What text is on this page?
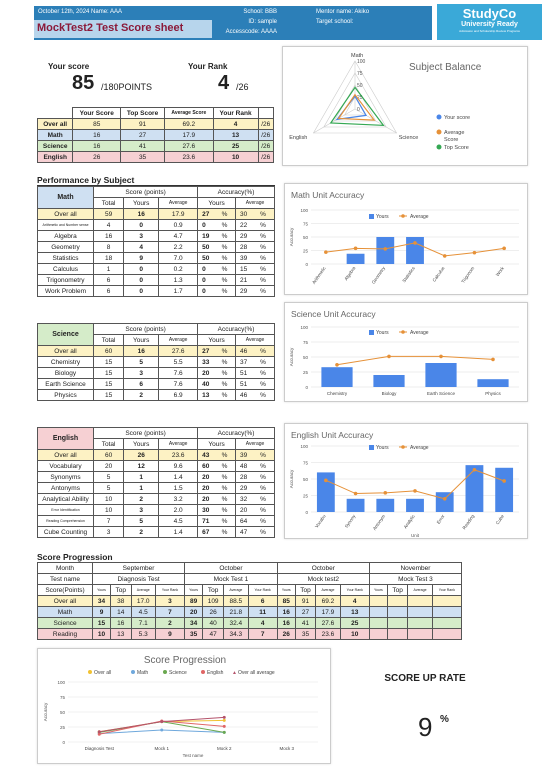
October 12th, 2024 Name: AAA
MockTest2 Test Score sheet
School: BBB
ID: sample
Accesscode: AAAA
Mentor name: Akiko
Target school:
StudyCo
University Ready
Admission and Scholarship Review Programs
Your score
85 /180POINTS
Your Rank
4 /26
	Your Score	Top Score	Average Score	Your Rank	
Over all	85	91	69.2	4	/26
Math	16	27	17.9	13	/26
Science	16	41	27.6	25	/26
English	26	35	23.6	10	/26
Subject Balance
0
25
50
75
100
Math
Science
English
Your score
Average
Score
Top Score
Performance by Subject
Math	Score (points)			Accuracy(%)			
	Total	Yours	Average	Yours		Average	
Over all	59	16	17.9	27	%	30	%
Arithmetic and Number sense	4	0	0.9	0	%	22	%
Algebra	16	3	4.7	19	%	29	%
Geometry	8	4	2.2	50	%	28	%
Statistics	18	9	7.0	50	%	39	%
Calculus	1	0	0.2	0	%	15	%
Trigonometry	6	0	1.3	0	%	21	%
Work Problem	6	0	1.7	0	%	29	%
Science	Score (points)			Accuracy(%)			
	Total	Yours	Average	Yours		Average	
Over all	60	16	27.6	27	%	46	%
Chemistry	15	5	5.5	33	%	37	%
Biology	15	3	7.6	20	%	51	%
Earth Science	15	6	7.6	40	%	51	%
Physics	15	2	6.9	13	%	46	%
English	Score (points)			Accuracy(%)			
	Total	Yours	Average	Yours		Average	
Over all	60	26	23.6	43	%	39	%
Vocabulary	20	12	9.6	60	%	48	%
Synonyms	5	1	1.4	20	%	28	%
Antonyms	5	1	1.5	20	%	29	%
Analytical Ability	10	2	3.2	20	%	32	%
Error Identification	10	3	2.0	30	%	20	%
Reading Comprehension	7	5	4.5	71	%	64	%
Cube Counting	3	2	1.4	67	%	47	%
Math Unit Accuracy
0
25
50
75
100
Accuracy
Yours	Average
Arithmetic	Algebra	Geometry	Statistics	Calculus	Trigonom	Work
Science Unit Accuracy
0
25
50
75
100
Accuracy
Yours	Average
Chemistry	Biology	Earth Science	Physics
English Unit Accuracy
0
25
50
75
100
Accuracy
Yours	Average
Vocabu	Synony	Antonym	Analytic	Error	Reading	Cube
Unit
Score Progression
Month	September				October				October				November			
Test name	Diagnosis Test				Mock Test 1				Mock test2				Mock Test 3			
Score(Points)	Yours	Top	Average	Your Rank	Yours	Top	Average	Your Rank	Yours	Top	Average	Your Rank	Yours	Top	Average	Your Rank
Over all	34	38	17.0	3	89	109	88.5	6	85	91	69.2	4				
Math	9	14	4.5	7	20	26	21.8	11	16	27	17.9	13				
Science	15	16	7.1	2	34	40	32.4	4	16	41	27.6	25				
Reading	10	13	5.3	9	35	47	34.3	7	26	35	23.6	10				
Score Progression
Over all	Math	Science	English ▲ Over all average
0
25
50
75
100
Accuracy
Diagnosis Test	Mock 1	Mock 2	Mock 3
Test name
SCORE UP RATE
9 %
